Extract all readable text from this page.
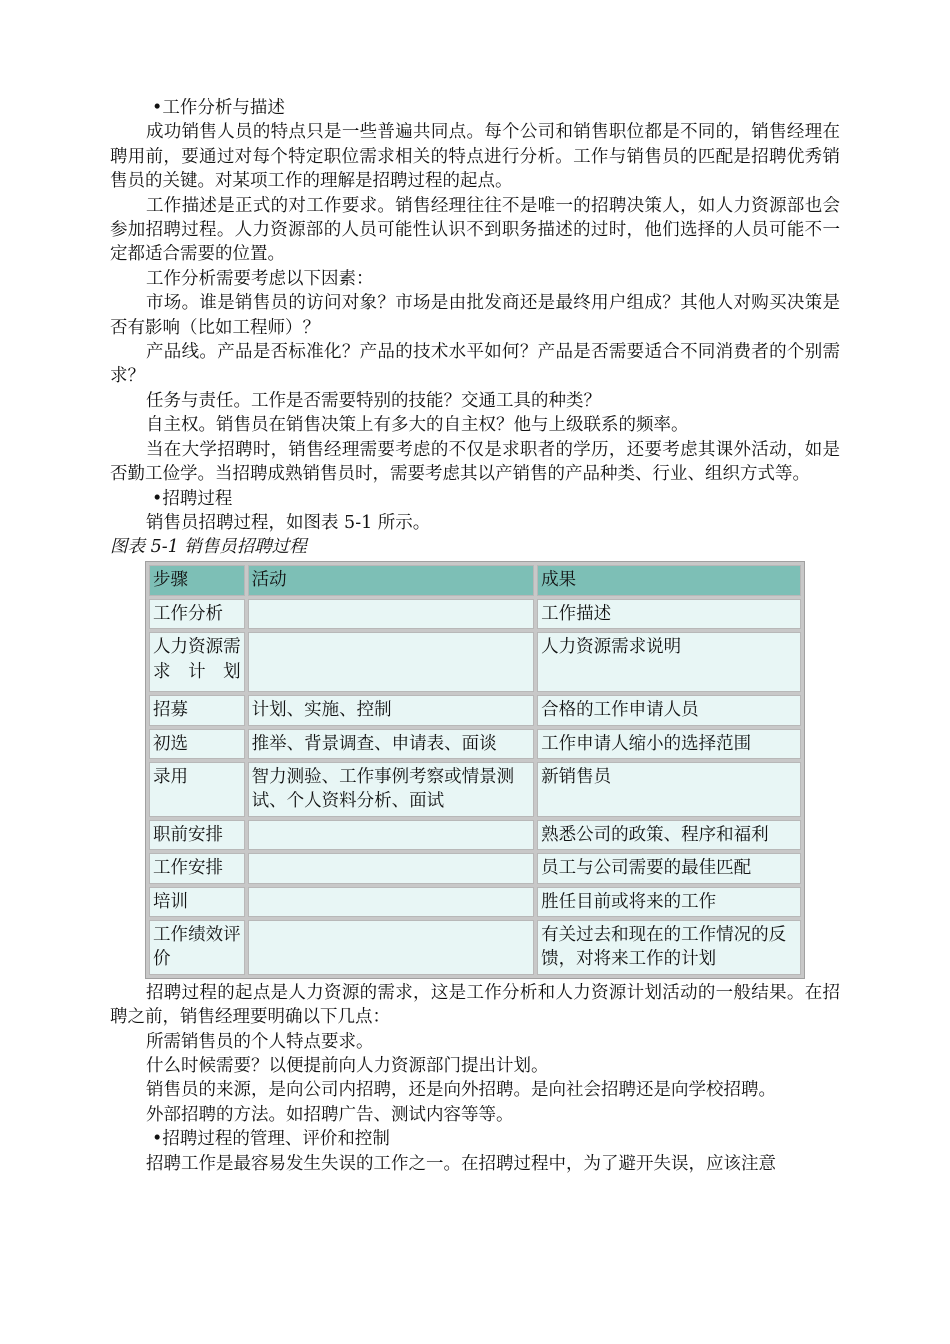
•工作分析与描述

成功销售人员的特点只是一些普遍共同点。每个公司和销售职位都是不同的，销售经理在聘用前，要通过对每个特定职位需求相关的特点进行分析。工作与销售员的匹配是招聘优秀销售员的关键。对某项工作的理解是招聘过程的起点。

工作描述是正式的对工作要求。销售经理往往不是唯一的招聘决策人，如人力资源部也会参加招聘过程。人力资源部的人员可能性认识不到职务描述的过时，他们选择的人员可能不一定都适合需要的位置。

工作分析需要考虑以下因素：

市场。谁是销售员的访问对象？市场是由批发商还是最终用户组成？其他人对购买决策是否有影响（比如工程师）？

产品线。产品是否标准化？产品的技术水平如何？产品是否需要适合不同消费者的个别需求？

任务与责任。工作是否需要特别的技能？交通工具的种类？

自主权。销售员在销售决策上有多大的自主权？他与上级联系的频率。

当在大学招聘时，销售经理需要考虑的不仅是求职者的学历，还要考虑其课外活动，如是否勤工俭学。当招聘成熟销售员时，需要考虑其以产销售的产品种类、行业、组织方式等。

•招聘过程

销售员招聘过程，如图表 5-1 所示。

图表 5-1 销售员招聘过程

步骤	活动	成果
工作分析		工作描述
人力资源需求计划		人力资源需求说明
招募	计划、实施、控制	合格的工作申请人员
初选	推举、背景调查、申请表、面谈	工作申请人缩小的选择范围
录用	智力测验、工作事例考察或情景测试、个人资料分析、面试	新销售员
职前安排		熟悉公司的政策、程序和福利
工作安排		员工与公司需要的最佳匹配
培训		胜任目前或将来的工作
工作绩效评价		有关过去和现在的工作情况的反馈，对将来工作的计划

招聘过程的起点是人力资源的需求，这是工作分析和人力资源计划活动的一般结果。在招聘之前，销售经理要明确以下几点：

所需销售员的个人特点要求。

什么时候需要？以便提前向人力资源部门提出计划。

销售员的来源，是向公司内招聘，还是向外招聘。是向社会招聘还是向学校招聘。

外部招聘的方法。如招聘广告、测试内容等等。

•招聘过程的管理、评价和控制

招聘工作是最容易发生失误的工作之一。在招聘过程中，为了避开失误，应该注意
